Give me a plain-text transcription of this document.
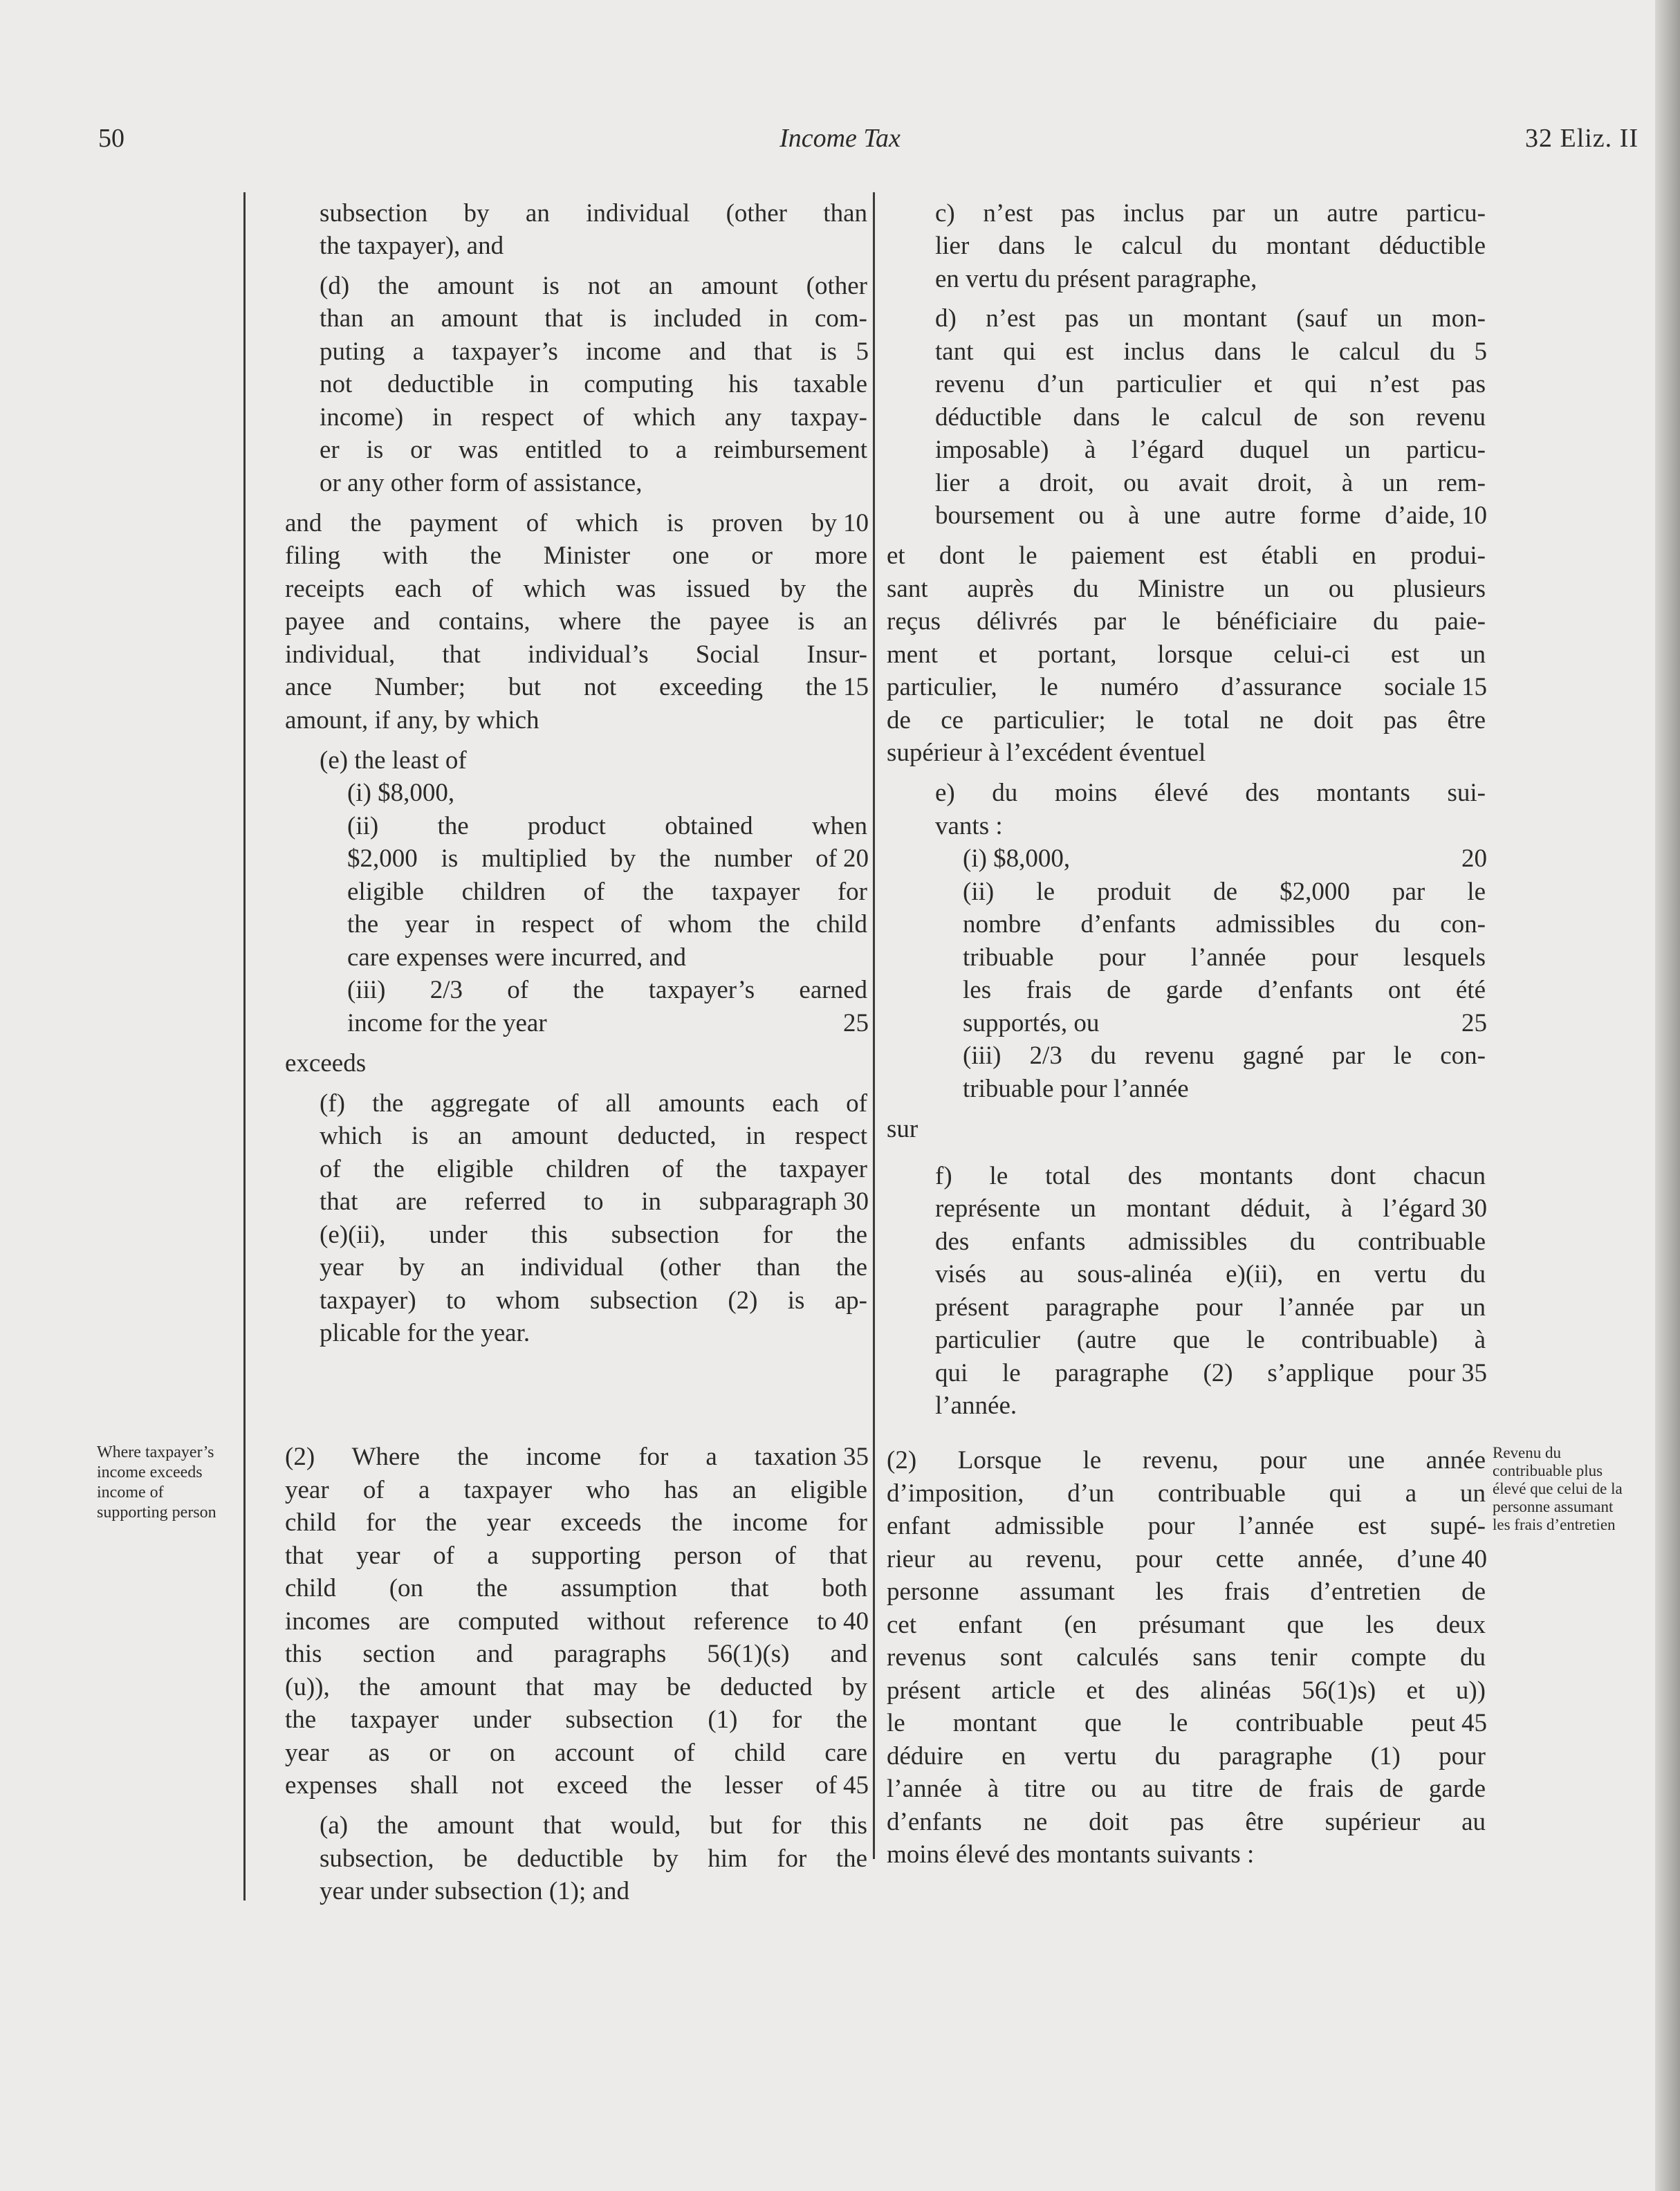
50	Income Tax	32 Eliz. II
subsection by an individual (other than
the taxpayer), and
(d) the amount is not an amount (other
than an amount that is included in com-
puting a taxpayer’s income and that is 5
not deductible in computing his taxable
income) in respect of which any taxpay-
er is or was entitled to a reimbursement
or any other form of assistance,
and the payment of which is proven by 10
filing with the Minister one or more
receipts each of which was issued by the
payee and contains, where the payee is an
individual, that individual’s Social Insur-
ance Number; but not exceeding the 15
amount, if any, by which
(e) the least of
(i) $8,000,
(ii) the product obtained when
$2,000 is multiplied by the number of 20
eligible children of the taxpayer for
the year in respect of whom the child
care expenses were incurred, and
(iii) 2/3 of the taxpayer’s earned
income for the year	25
exceeds
(f) the aggregate of all amounts each of
which is an amount deducted, in respect
of the eligible children of the taxpayer
that are referred to in subparagraph 30
(e)(ii), under this subsection for the
year by an individual (other than the
taxpayer) to whom subsection (2) is ap-
plicable for the year.
(2) Where the income for a taxation 35
year of a taxpayer who has an eligible
child for the year exceeds the income for
that year of a supporting person of that
child (on the assumption that both
incomes are computed without reference to 40
this section and paragraphs 56(1)(s) and
(u)), the amount that may be deducted by
the taxpayer under subsection (1) for the
year as or on account of child care
expenses shall not exceed the lesser of 45
(a) the amount that would, but for this
subsection, be deductible by him for the
year under subsection (1); and
c) n’est pas inclus par un autre particu-
lier dans le calcul du montant déductible
en vertu du présent paragraphe,
d) n’est pas un montant (sauf un mon-
tant qui est inclus dans le calcul du 5
revenu d’un particulier et qui n’est pas
déductible dans le calcul de son revenu
imposable) à l’égard duquel un particu-
lier a droit, ou avait droit, à un rem-
boursement ou à une autre forme d’aide, 10
et dont le paiement est établi en produi-
sant auprès du Ministre un ou plusieurs
reçus délivrés par le bénéficiaire du paie-
ment et portant, lorsque celui-ci est un
particulier, le numéro d’assurance sociale 15
de ce particulier; le total ne doit pas être
supérieur à l’excédent éventuel
e) du moins élevé des montants sui-
vants :
(i) $8,000,	20
(ii) le produit de $2,000 par le
nombre d’enfants admissibles du con-
tribuable pour l’année pour lesquels
les frais de garde d’enfants ont été
supportés, ou	25
(iii) 2/3 du revenu gagné par le con-
tribuable pour l’année
sur
f) le total des montants dont chacun
représente un montant déduit, à l’égard 30
des enfants admissibles du contribuable
visés au sous-alinéa e)(ii), en vertu du
présent paragraphe pour l’année par un
particulier (autre que le contribuable) à
qui le paragraphe (2) s’applique pour 35
l’année.
(2) Lorsque le revenu, pour une année
d’imposition, d’un contribuable qui a un
enfant admissible pour l’année est supé-
rieur au revenu, pour cette année, d’une 40
personne assumant les frais d’entretien de
cet enfant (en présumant que les deux
revenus sont calculés sans tenir compte du
présent article et des alinéas 56(1)s) et u))
le montant que le contribuable peut 45
déduire en vertu du paragraphe (1) pour
l’année à titre ou au titre de frais de garde
d’enfants ne doit pas être supérieur au
moins élevé des montants suivants :
Where taxpayer’s income exceeds income of supporting person
Revenu du contribuable plus élevé que celui de la personne assumant les frais d’entretien
